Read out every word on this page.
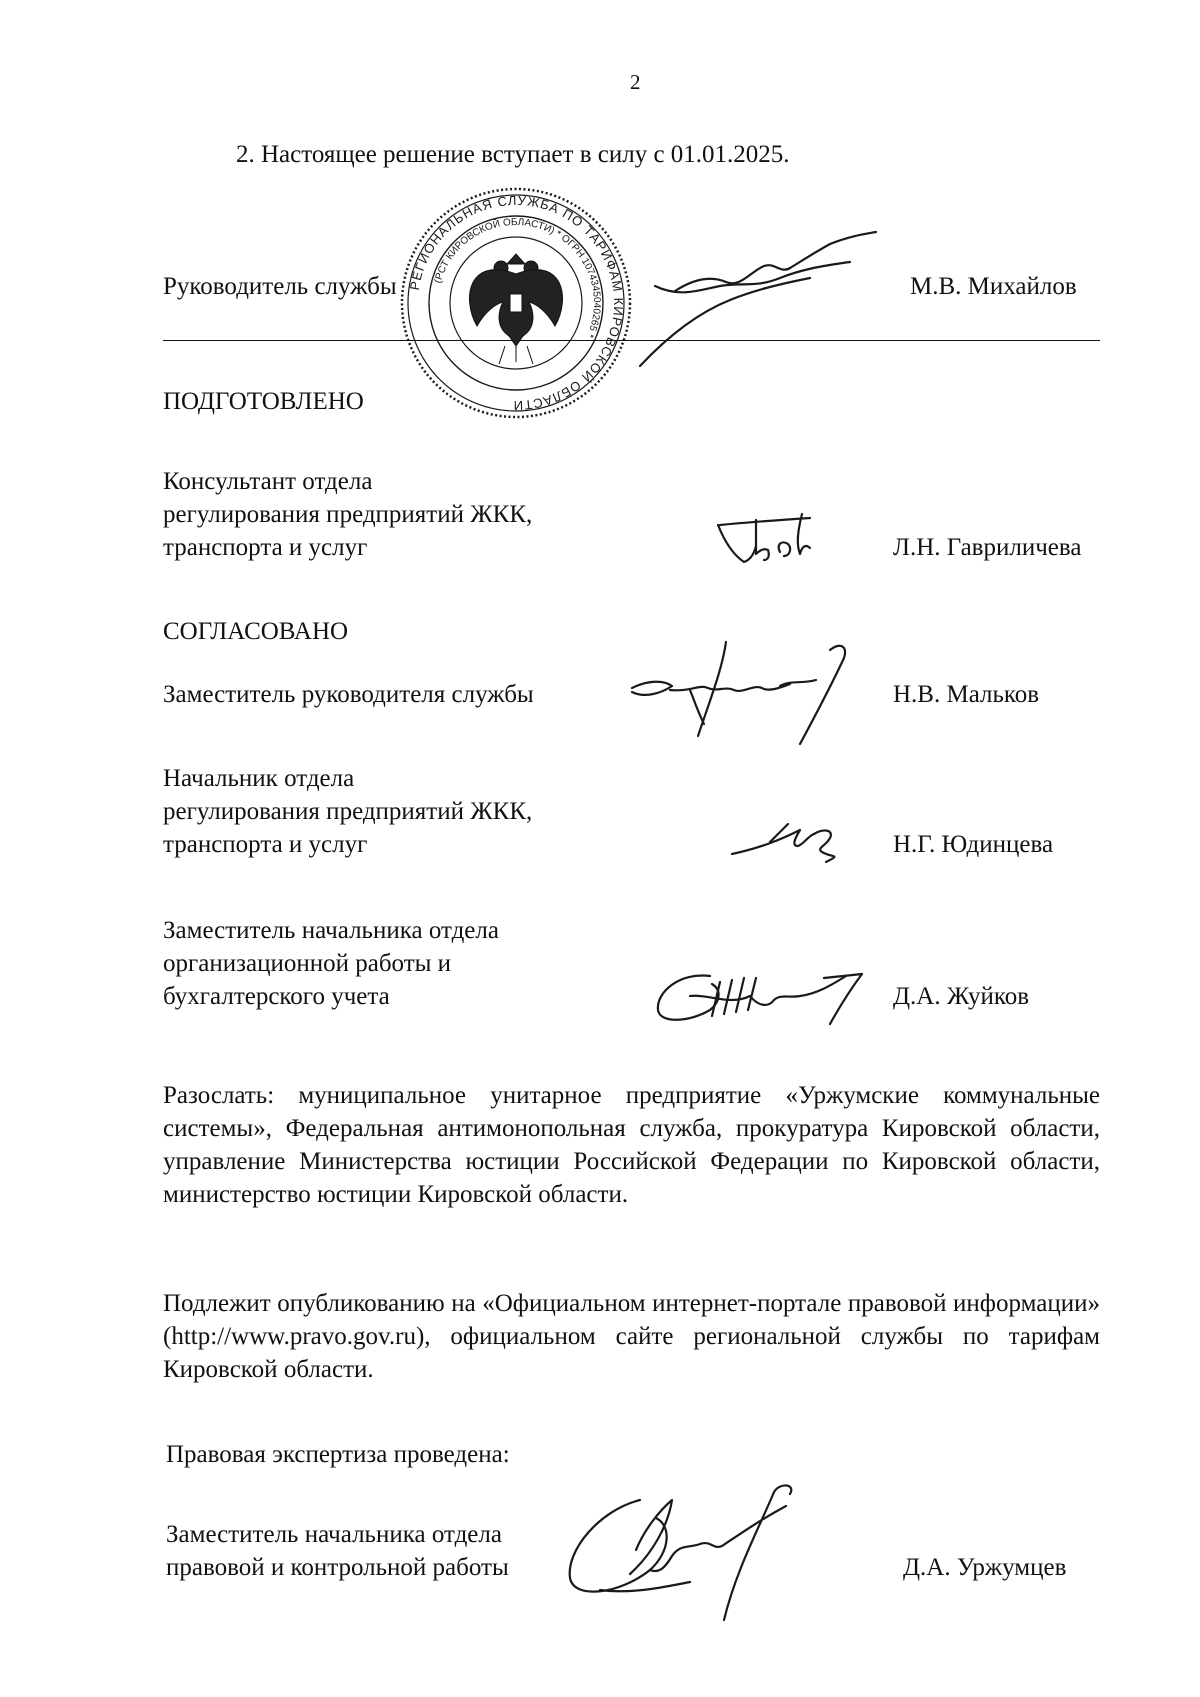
2
2. Настоящее решение вступает в силу с 01.01.2025.
Руководитель службы	М.В. Михайлов
РЕГИОНАЛЬНАЯ СЛУЖБА ПО ТАРИФАМ КИРОВСКОЙ ОБЛАСТИ
(РСТ КИРОВСКОЙ ОБЛАСТИ) * ОГРН 1074345040265 *
ПОДГОТОВЛЕНО
Консультант отдела
регулирования предприятий ЖКК,
транспорта и услуг	Л.Н. Гавриличева
СОГЛАСОВАНО
Заместитель руководителя службы	Н.В. Мальков
Начальник отдела
регулирования предприятий ЖКК,
транспорта и услуг	Н.Г. Юдинцева
Заместитель начальника отдела
организационной работы и
бухгалтерского учета	Д.А. Жуйков
Разослать: муниципальное унитарное предприятие «Уржумские коммунальные системы», Федеральная антимонопольная служба, прокуратура Кировской области, управление Министерства юстиции Российской Федерации по Кировской области, министерство юстиции Кировской области.
Подлежит опубликованию на «Официальном интернет-портале правовой информации» (http://www.pravo.gov.ru), официальном сайте региональной службы по тарифам Кировской области.
Правовая экспертиза проведена:
Заместитель начальника отдела
правовой и контрольной работы	Д.А. Уржумцев
